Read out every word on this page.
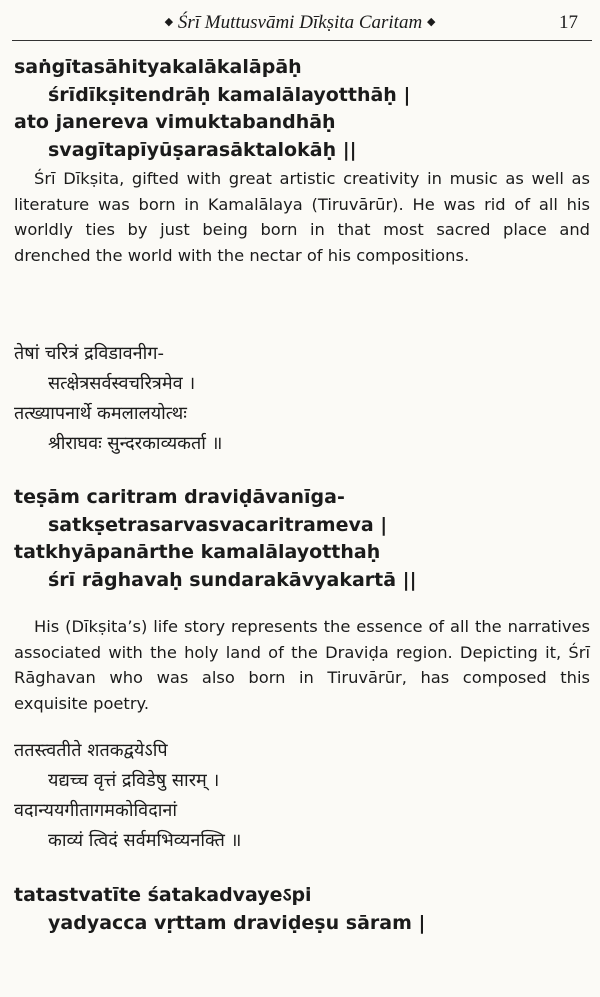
◆ Śrī Muttusvāmi Dīkṣita Caritam ◆	17
saṅgītasāhityakalākalāpāḥ
śrīdīkṣitendrāḥ kamalālayotthāḥ |
ato janereva vimuktabandhāḥ
svagītapīyūṣarasāktalokāḥ ||

Śrī Dīkṣita, gifted with great artistic creativity in music as well as literature was born in Kamalālaya (Tiruvārūr). He was rid of all his worldly ties by just being born in that most sacred place and drenched the world with the nectar of his compositions.

तेषां चरित्रं द्रविडावनीग-
सत्क्षेत्रसर्वस्वचरित्रमेव ।
तत्ख्यापनार्थे कमलालयोत्थः
श्रीराघवः सुन्दरकाव्यकर्ता ॥
teṣām caritram draviḍāvanīga-
satkṣetrasarvasvacaritrameva |
tatkhyāpanārthe kamalālayotthaḥ
śrī rāghavaḥ sundarakāvyakartā ||

His (Dīkṣita’s) life story represents the essence of all the narratives associated with the holy land of the Draviḍa region. Depicting it, Śrī Rāghavan who was also born in Tiruvārūr, has composed this exquisite poetry.

ततस्त्वतीते शतकद्वयेऽपि
यद्यच्च वृत्तं द्रविडेषु सारम् ।
वदान्ययगीतागमकोविदानां
काव्यं त्विदं सर्वमभिव्यनक्ति ॥
tatastvatīte śatakadvayeऽpi
yadyacca vṛttam draviḍeṣu sāram |
